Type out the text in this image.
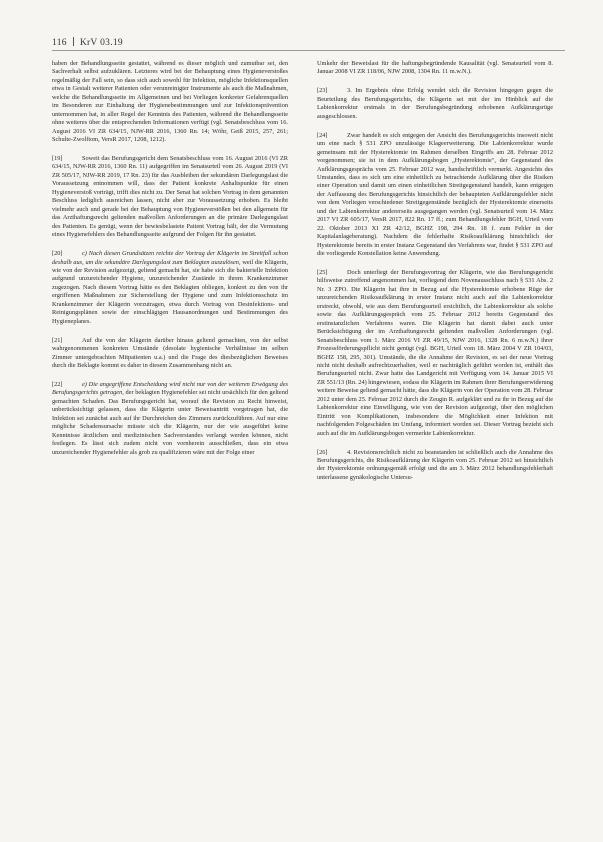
116 KrV 03.19

haben der Behandlungsseite gestattet, während es dieser möglich und zumutbar sei, den Sachverhalt selbst aufzuklären. Letzteres wird bei der Behauptung eines Hygieneverstoßes regelmäßig der Fall sein, so dass sich auch sowohl für Infektion, mögliche Infektionsquellen etwa in Gestalt weiterer Patienten oder verunreinigter Instrumente als auch die Maßnahmen, welche die Behandlungsseite im Allgemeinen und bei Vorliegen konkreter Gefahrenquellen im Besonderen zur Einhaltung der Hygienebestimmungen und zur Infektionsprävention unternommen hat, in aller Regel der Kenntnis des Patienten, während die Behandlungsseite ohne weiteres über die entsprechenden Informationen verfügt (vgl. Senatsbeschluss vom 16. August 2016 VI ZR 634/15, NJW-RR 2016, 1360 Rn. 14; Wöhr, Geiß 2015, 257, 261; Schulte-Zwolftom, VersR 2017, 1208, 1212).

[19]	Soweit das Berufungsgericht dem Senatsbeschluss vom 16. August 2016 (VI ZR 634/15, NJW-RR 2016, 1360 Rn. 11) aufgegriffen im Senatsurteil vom 26. August 2019 (VI ZR 505/17, NJW-RR 2019, 17 Rn. 23) für das Ausbleiben der sekundären Darlegungslast die Voraussetzung entnommen will, dass der Patient konkrete Anhaltspunkte für einen Hygieneverstoß vorträgt, trifft dies nicht zu. Der Senat hat solchen Vortrag in dem genannten Beschluss lediglich ausreichen lassen, nicht aber zur Voraussetzung erhoben. Es bleibt vielmehr auch und gerade bei der Behauptung von Hygieneverstößen bei den allgemein für das Arzthaftungsrecht geltenden maßvollen Anforderungen an die primäre Darlegungslast des Patienten. Es genügt, wenn der bewiesbelastete Patient Vortrag hält, der die Vermutung eines Hygienefehlers des Behandlungsseite aufgrund der Folgen für ihn gestattet.
[20]	c) Nach diesen Grundsätzen reichte der Vortrag der Klägerin im Streitfall schon deshalb aus, um die sekundäre Darlegungslast zum Beklagten auszulösen, weil die Klägerin, wie von der Revision aufgezeigt, geltend gemacht hat, sie habe sich die bakterielle Infektion aufgrund unzureichender Hygiene, unzureichender Zustände in ihrem Krankenzimmer zugezogen. Nach diesem Vortrag hätte es den Beklagten obliegen, konkret zu den von ihr ergriffenen Maßnahmen zur Sicherstellung der Hygiene und zum Infektionsschutz im Krankenzimmer der Klägerin vorzutragen, etwa durch Vortrag von Desinfektions- und Reinigungsplänen sowie der einschlägigen Hausanordnungen und Bestimmungen des Hygieneplanes.
[21]	Auf die von der Klägerin darüber hinaus geltend gemachten, von der selbst wahrgenommenen konkreten Umstände (desolate hygienische Verhältnisse im selben Zimmer untergebrachten Mitpatienten u.a.) und die Frage des diesbezüglichen Beweises durch die Beklagte kommt es daher in diesem Zusammenhang nicht an.
[22]	e) Die angegriffene Entscheidung wird nicht nur von der weiteren Erwägung des Berufungsgerichts getragen, der beklagten Hygienefehler sei nicht ursächlich für den geltend gemachten Schaden. Das Berufungsgericht hat, worauf die Revision zu Recht hinweist, unberücksichtigt gelassen, dass die Klägerin unter Beweisantritt vorgetragen hat, die Infektion sei zunächst auch auf ihr Durchreichen des Zimmers zurückzuführen. Auf nur eine mögliche Schadensursache müsste sich die Klägerin, nur der wie ausgeführt keine Kenntnisse ärztlichen und medizinischen Sachverstandes verlangt werden können, nicht festlegen. Es lässt sich zudem nicht von vornherein ausschließen, dass ein etwa unzureichender Hygienefehler als grob zu qualifizieren wäre mit der Folge einer

Umkehr der Beweislast für die haftungsbegründende Kausalität (vgl. Senatsurteil vom 8. Januar 2008 VI ZR 118/06, NJW 2008, 1304 Rn. 11 m.w.N.).

[23]	3. Im Ergebnis ohne Erfolg wendet sich die Revision hingegen gegen die Beurteilung des Berufungsgerichts, die Klägerin sei mit der im Hinblick auf die Labienkorrektur erstmals in der Berufungsbegründung erhobenen Aufklärungsrüge ausgeschlossen.
[24]	Zwar handelt es sich entgegen der Ansicht des Berufungsgerichts insoweit nicht um eine nach § 531 ZPO unzulässige Klageerweiterung. Die Labienkorrektur wurde gemeinsam mit der Hysterektomie im Rahmen derselben Eingriffs am 28. Februar 2012 vorgenommen; sie ist in dem Aufklärungsbogen „Hysterektomie", der Gegenstand des Aufklärungsgesprächs vom 25. Februar 2012 war, handschriftlich vermerkt. Angesichts des Umstandes, dass es sich um eine einheitlich zu betrachtende Aufklärung über die Risiken einer Operation und damit um einen einheitlichen Streitgegenstand handelt, kann entgegen der Auffassung des Berufungsgerichts hinsichtlich der behaupteten Aufklärungsfehler nicht von dem Vorliegen verschiedener Streitgegenstände bezüglich der Hysterektomie einerseits und der Labienkorrektur andererseits ausgegangen werden (vgl. Senatsurteil vom 14. März 2017 VI ZR 605/17, VersR 2017, 822 Rn. 17 ff.; zum Behandlungsfehler BGH, Urteil vom 22. Oktober 2013 XI ZR 42/12, BGHZ 198, 294 Rn. 18 f. zum Fehler in der Kapitalanlageberatung). Nachdem die fehlerhafte Risikoaufklärung hinsichtlich der Hysterektomie bereits in erster Instanz Gegenstand des Verfahrens war, findet § 531 ZPO auf die vorliegende Konstellation keine Anwendung.
[25]	Doch unterliegt der Berufungsvortrag der Klägerin, wie das Berufungsgericht hilfsweise zutreffend angenommen hat, vorliegend dem Novenausschluss nach § 531 Abs. 2 Nr. 3 ZPO. Die Klägerin hat ihre in Bezug auf die Hysterektomie erhobene Rüge der unzureichenden Risikoaufklärung in erster Instanz nicht auch auf die Labienkorrektur erstreckt, obwohl, wie aus dem Berufungsurteil ersichtlich, die Labienkorrektur als solche sowie das Aufklärungsgespräch vom 25. Februar 2012 bereits Gegenstand des erstinstanzlichen Verfahrens waren. Die Klägerin hat damit dabei auch unter Berücksichtigung der im Arzthaftungsrecht geltenden maßvollen Anforderungen (vgl. Senatsbeschluss vom 1. März 2016 VI ZR 49/15, NJW 2016, 1328 Rn. 6 m.w.N.) ihrer Prozessförderungspflicht nicht genügt (vgl. BGH, Urteil vom 18. März 2004 V ZR 104/03, BGHZ 158, 295, 301). Umstände, die die Annahme der Revision, es sei der neue Vortrag nicht nicht deshalb aufrechtzuerhalten, weil er nachträglich geführt worden ist, enthält das Berufungsurteil nicht. Zwar hatte das Landgericht mit Verfügung vom 14. Januar 2015 VI ZR 551/13 (Rn. 24) hingewiesen, sodass die Klägerin im Rahmen ihrer Berufungserwiderung weitere Beweise geltend gemacht hätte, dass die Klägerin von der Operation vom 28. Februar 2012 unter dem 25. Februar 2012 durch die Zeugin R. aufgeklärt und zu ihr in Bezug auf die Labienkorrektur eine Einwilligung, wie von der Revision aufgezeigt, über den möglichen Eintritt von Komplikationen, insbesondere die Möglichkeit einer Infektion mit nachfolgenden Folgeschäden im Umfang, informiert worden sei. Dieser Vortrag bezieht sich auch auf die im Aufklärungsbogen vermerkte Labienkorrektur.
[26]	4. Revisionsrechtlich nicht zu beanstanden ist schließlich auch die Annahme des Berufungsgerichts, die Risikoaufklärung der Klägerin vom 25. Februar 2012 sei hinsichtlich der Hysterektomie ordnungsgemäß erfolgt und die am 3. März 2012 behandlungsfehlerhaft unterlassene gynäkologische Untersu-
